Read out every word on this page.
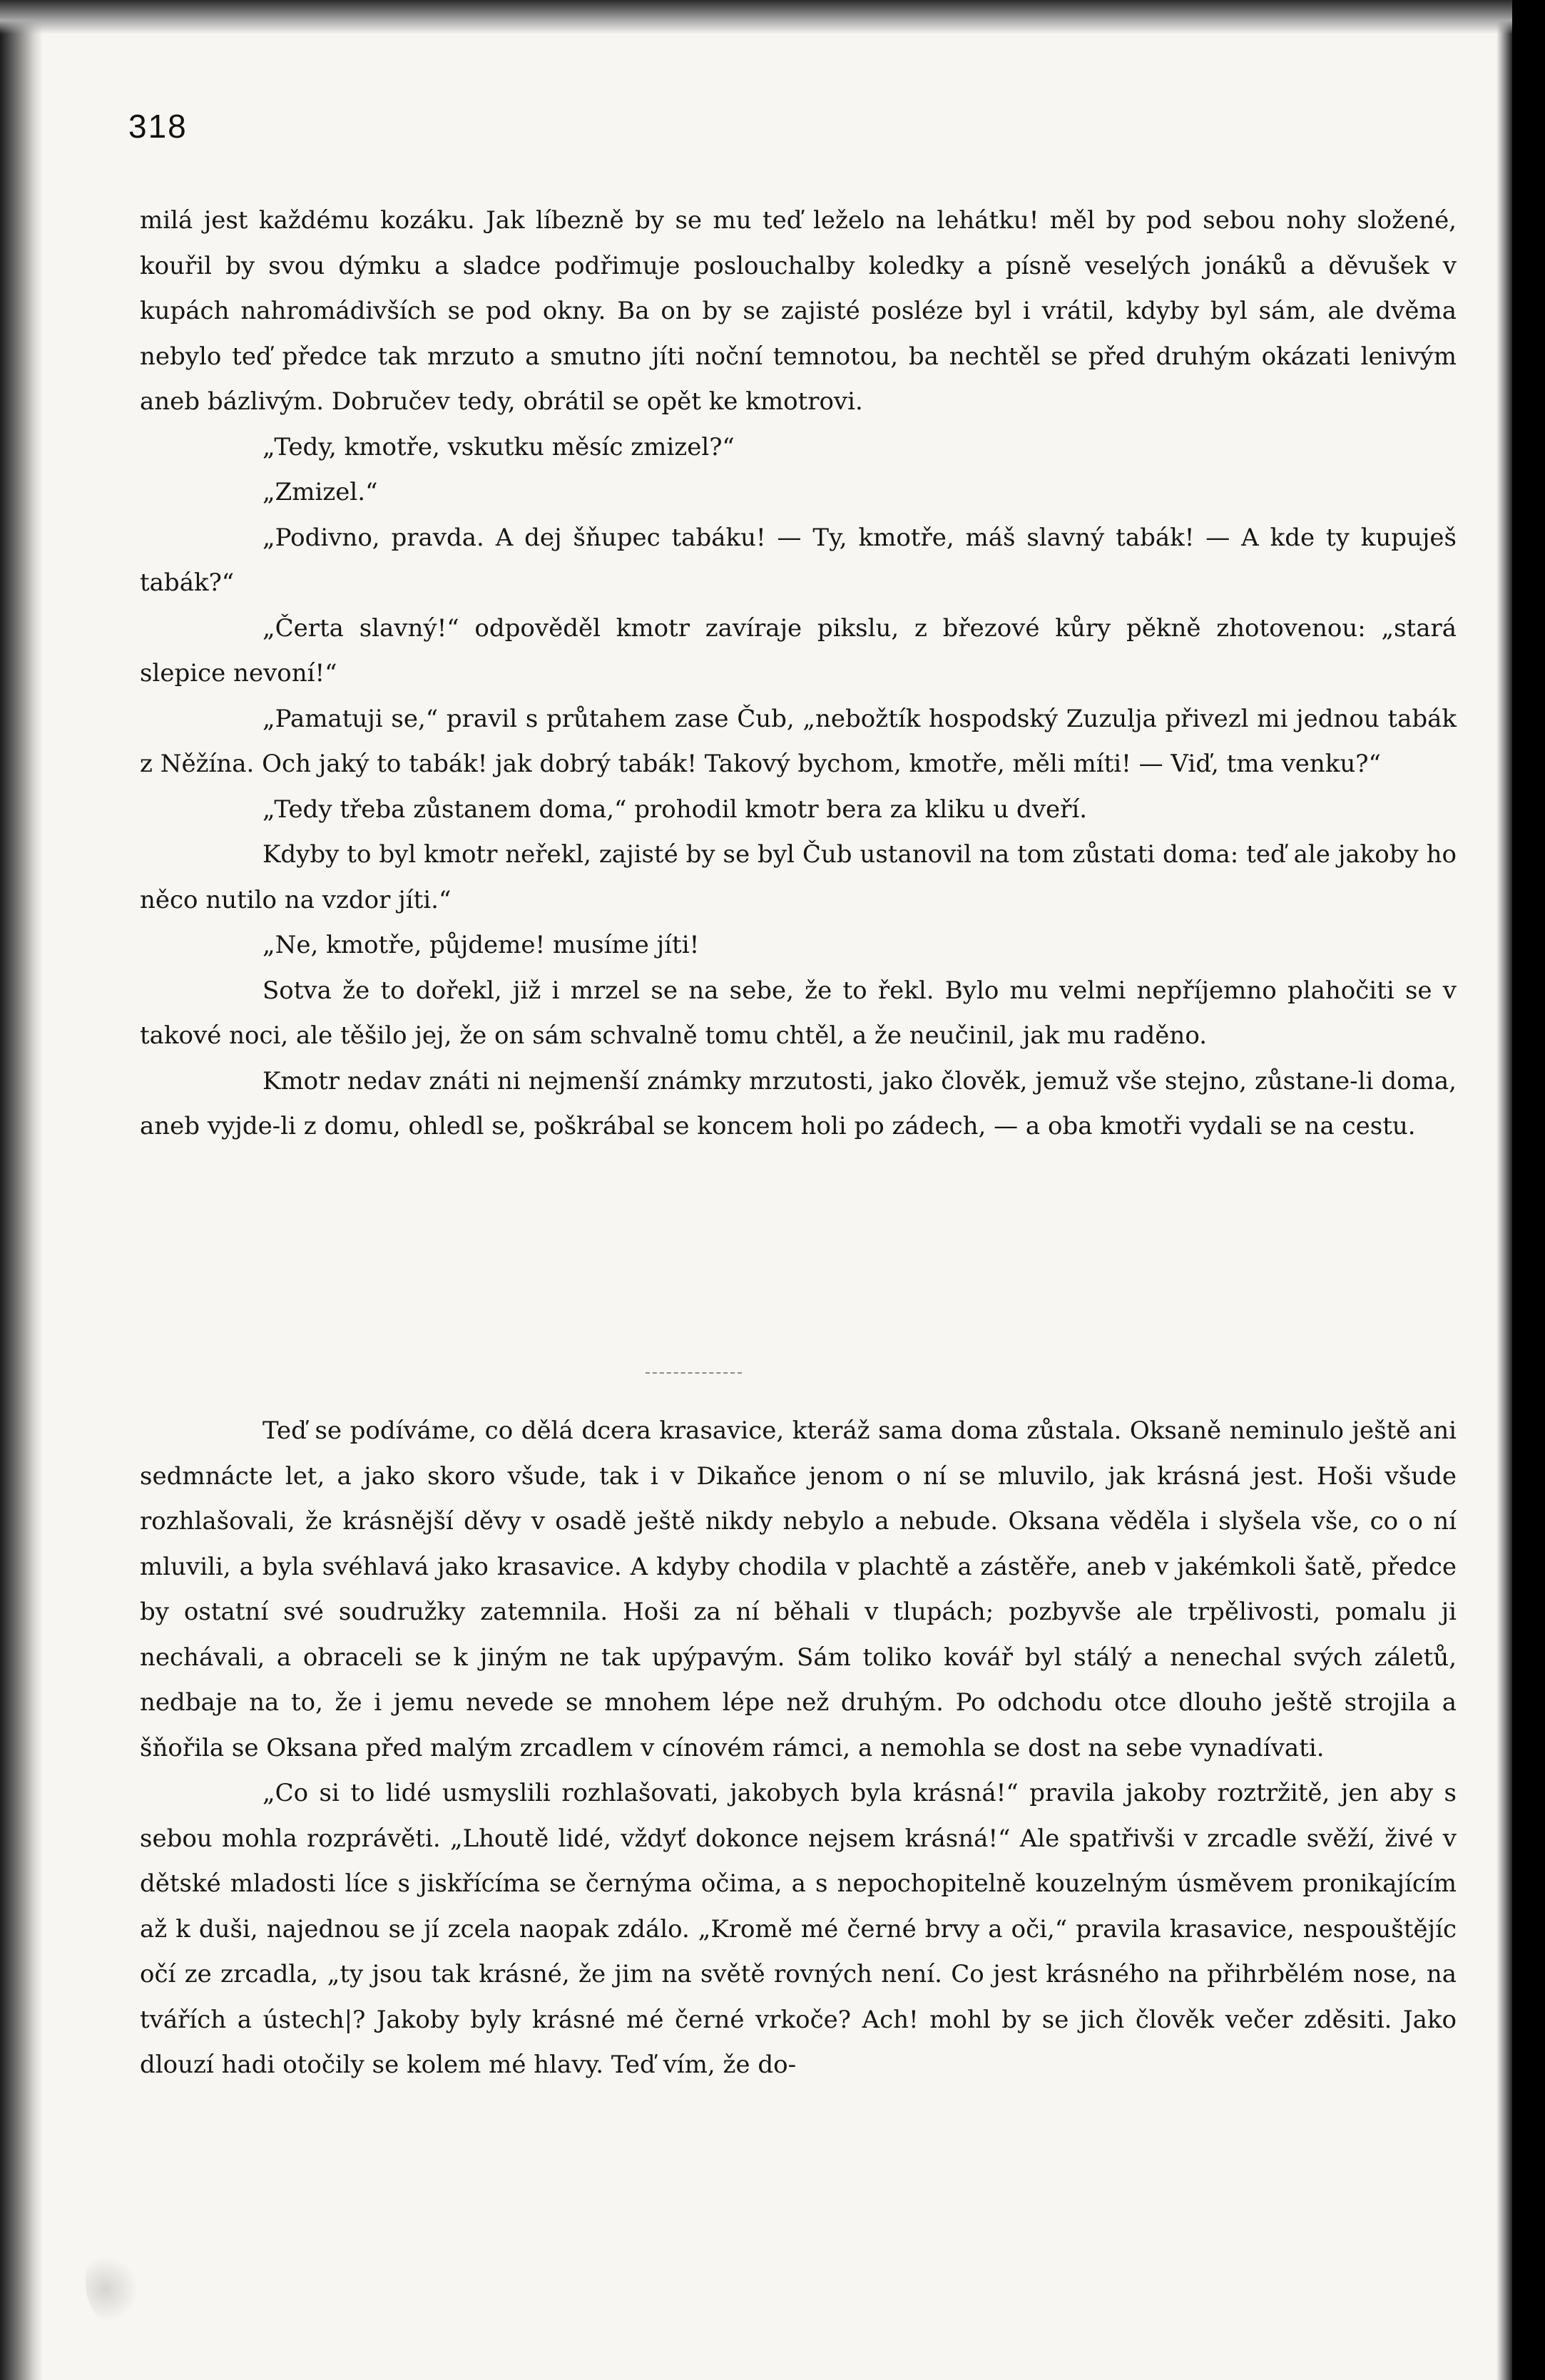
318

milá jest každému kozáku. Jak líbezně by se mu teď leželo na lehátku! měl by pod sebou nohy složené, kouřil by svou dýmku a sladce podřimuje poslouchalby koledky a písně veselých jonáků a děvušek v kupách nahromádivších se pod okny. Ba on by se zajisté posléze byl i vrátil, kdyby byl sám, ale dvěma nebylo teď předce tak mrzuto a smutno jíti noční temnotou, ba nechtěl se před druhým okázati lenivým aneb bázlivým. Dobručev tedy, obrátil se opět ke kmotrovi.

„Tedy, kmotře, vskutku měsíc zmizel?“

„Zmizel.“

„Podivno, pravda. A dej šňupec tabáku! — Ty, kmotře, máš slavný tabák! — A kde ty kupuješ tabák?“

„Čerta slavný!“ odpověděl kmotr zavíraje pikslu, z březové kůry pěkně zhotovenou: „stará slepice nevoní!“

„Pamatuji se,“ pravil s průtahem zase Čub, „nebožtík hospodský Zuzulja přivezl mi jednou tabák z Něžína. Och jaký to tabák! jak dobrý tabák! Takový bychom, kmotře, měli míti! — Viď, tma venku?“

„Tedy třeba zůstanem doma,“ prohodil kmotr bera za kliku u dveří.

Kdyby to byl kmotr neřekl, zajisté by se byl Čub ustanovil na tom zůstati doma: teď ale jakoby ho něco nutilo na vzdor jíti.“

„Ne, kmotře, půjdeme! musíme jíti!

Sotva že to dořekl, již i mrzel se na sebe, že to řekl. Bylo mu velmi nepříjemno plahočiti se v takové noci, ale těšilo jej, že on sám schvalně tomu chtěl, a že neučinil, jak mu raděno.

Kmotr nedav znáti ni nejmenší známky mrzutosti, jako člověk, jemuž vše stejno, zůstane-li doma, aneb vyjde-li z domu, ohledl se, poškrábal se koncem holi po zádech, — a oba kmotři vydali se na cestu.

Teď se podíváme, co dělá dcera krasavice, kteráž sama doma zůstala. Oksaně neminulo ještě ani sedmnácte let, a jako skoro všude, tak i v Dikaňce jenom o ní se mluvilo, jak krásná jest. Hoši všude rozhlašovali, že krásnější děvy v osadě ještě nikdy nebylo a nebude. Oksana věděla i slyšela vše, co o ní mluvili, a byla svéhlavá jako krasavice. A kdyby chodila v plachtě a zástěře, aneb v jakémkoli šatě, předce by ostatní své soudružky zatemnila. Hoši za ní běhali v tlupách; pozbyvše ale trpělivosti, pomalu ji nechávali, a obraceli se k jiným ne tak upýpavým. Sám toliko kovář byl stálý a nenechal svých záletů, nedbaje na to, že i jemu nevede se mnohem lépe než druhým. Po odchodu otce dlouho ještě strojila a šňořila se Oksana před malým zrcadlem v cínovém rámci, a nemohla se dost na sebe vynadívati.

„Co si to lidé usmyslili rozhlašovati, jakobych byla krásná!“ pravila jakoby roztržitě, jen aby s sebou mohla rozprávěti. „Lhoutě lidé, vždyť dokonce nejsem krásná!“ Ale spatřivši v zrcadle svěží, živé v dětské mladosti líce s jiskřícíma se černýma očima, a s nepochopitelně kouzelným úsměvem pronikajícím až k duši, najednou se jí zcela naopak zdálo. „Kromě mé černé brvy a oči,“ pravila krasavice, nespouštějíc očí ze zrcadla, „ty jsou tak krásné, že jim na světě rovných není. Co jest krásného na přihrbělém nose, na tvářích a ústech|? Jakoby byly krásné mé černé vrkoče? Ach! mohl by se jich člověk večer zděsiti. Jako dlouzí hadi otočily se kolem mé hlavy. Teď vím, že do-
